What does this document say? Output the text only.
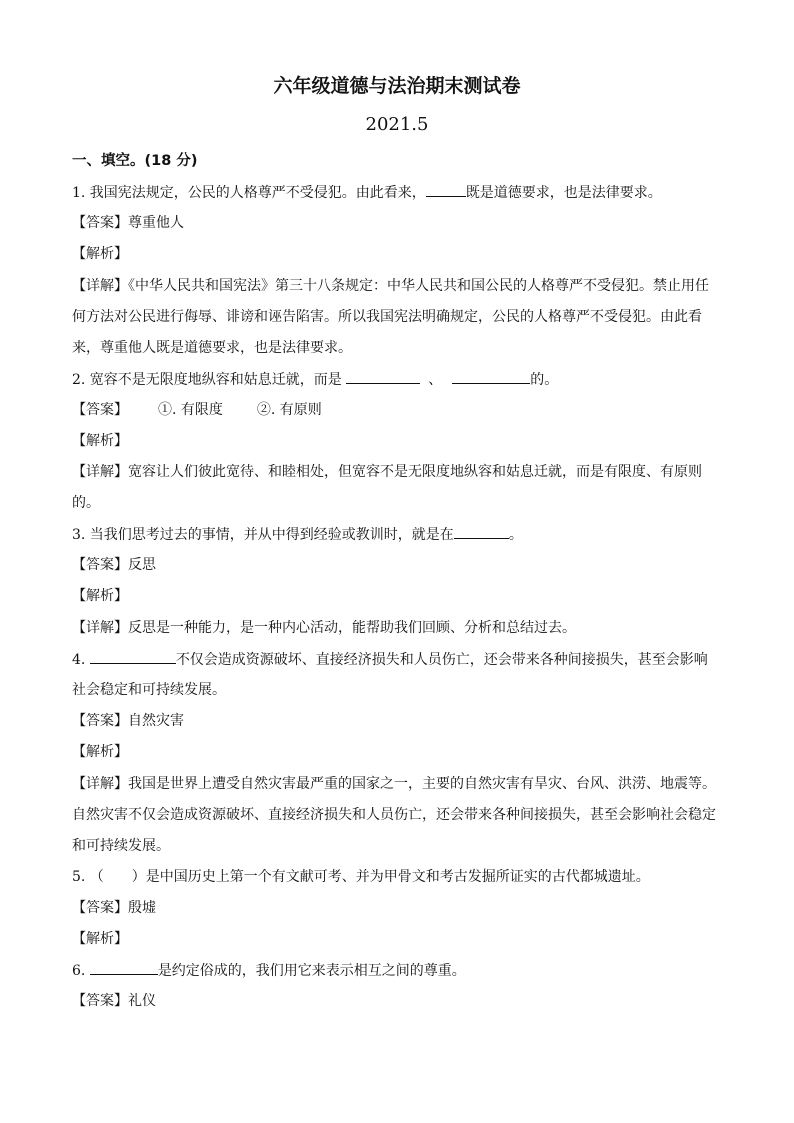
六年级道德与法治期末测试卷
2021.5
一、填空。(18 分)
1. 我国宪法规定，公民的人格尊严不受侵犯。由此看来，	既是道德要求，也是法律要求。
【答案】尊重他人
【解析】
【详解】《中华人民共和国宪法》第三十八条规定：中华人民共和国公民的人格尊严不受侵犯。禁止用任
何方法对公民进行侮辱、诽谤和诬告陷害。所以我国宪法明确规定，公民的人格尊严不受侵犯。由此看
来，尊重他人既是道德要求，也是法律要求。
2. 宽容不是无限度地纵容和姑息迁就，而是	、	的。
【答案】 ①. 有限度 ②. 有原则
【解析】
【详解】宽容让人们彼此宽待、和睦相处，但宽容不是无限度地纵容和姑息迁就，而是有限度、有原则
的。
3. 当我们思考过去的事情，并从中得到经验或教训时，就是在	。
【答案】反思
【解析】
【详解】反思是一种能力，是一种内心活动，能帮助我们回顾、分析和总结过去。
4.	不仅会造成资源破坏、直接经济损失和人员伤亡，还会带来各种间接损失，甚至会影响
社会稳定和可持续发展。
【答案】自然灾害
【解析】
【详解】我国是世界上遭受自然灾害最严重的国家之一，主要的自然灾害有旱灾、台风、洪涝、地震等。
自然灾害不仅会造成资源破坏、直接经济损失和人员伤亡，还会带来各种间接损失，甚至会影响社会稳定
和可持续发展。
5. （　　）是中国历史上第一个有文献可考、并为甲骨文和考古发掘所证实的古代都城遗址。
【答案】殷墟
【解析】
6.	是约定俗成的，我们用它来表示相互之间的尊重。
【答案】礼仪
